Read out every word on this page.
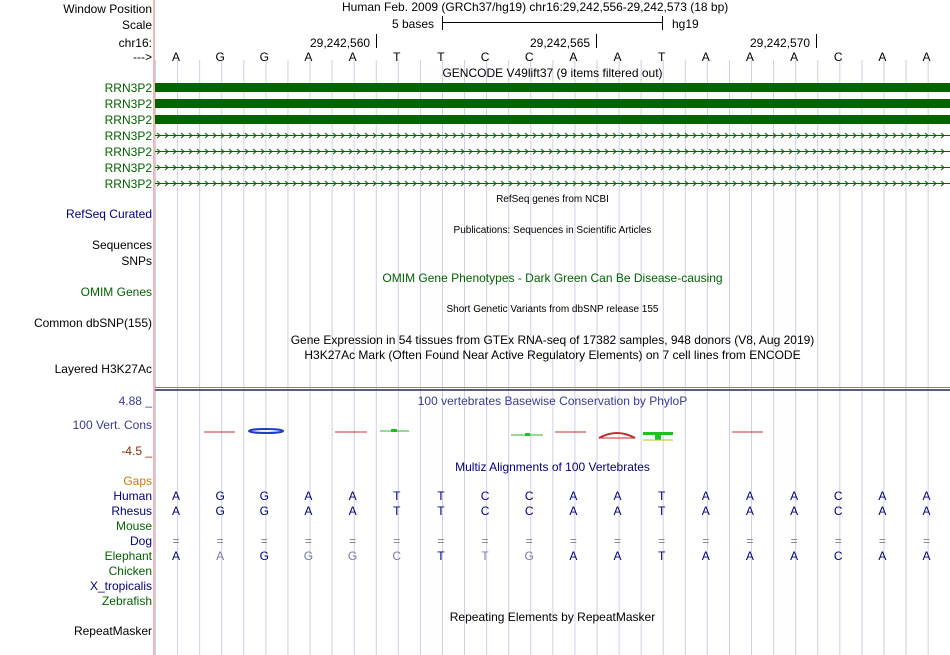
Window Position	Human Feb. 2009 (GRCh37/hg19) chr16:29,242,556-29,242,573 (18 bp)
Scale	5 bases	hg19
chr16:	29,242,560	29,242,565	29,242,570
--->	A	G	G	A	A	T	T	C	C	A	A	T	A	A	A	C	A	A
GENCODE V49lift37 (9 items filtered out)
RRN3P2
RRN3P2
RRN3P2
RRN3P2
RRN3P2
RRN3P2
RRN3P2
RefSeq genes from NCBI
RefSeq Curated
Publications: Sequences in Scientific Articles
Sequences
SNPs
OMIM Gene Phenotypes - Dark Green Can Be Disease-causing
OMIM Genes
Short Genetic Variants from dbSNP release 155
Common dbSNP(155)
Gene Expression in 54 tissues from GTEx RNA-seq of 17382 samples, 948 donors (V8, Aug 2019)
H3K27Ac Mark (Often Found Near Active Regulatory Elements) on 7 cell lines from ENCODE
Layered H3K27Ac
100 vertebrates Basewise Conservation by PhyloP
4.88 _
100 Vert. Cons
-4.5 _
Multiz Alignments of 100 Vertebrates
Gaps
Human	A	G	G	A	A	T	T	C	C	A	A	T	A	A	A	C	A	A
Rhesus	A	G	G	A	A	T	T	C	C	A	A	T	A	A	A	C	A	A
Mouse
Dog	=	=	=	=	=	=	=	=	=	=	=	=	=	=	=	=	=	=
Elephant	A	A	G	G	G	C	T	T	G	A	A	T	A	A	A	C	A	A
Chicken
X_tropicalis
Zebrafish
Repeating Elements by RepeatMasker
RepeatMasker
